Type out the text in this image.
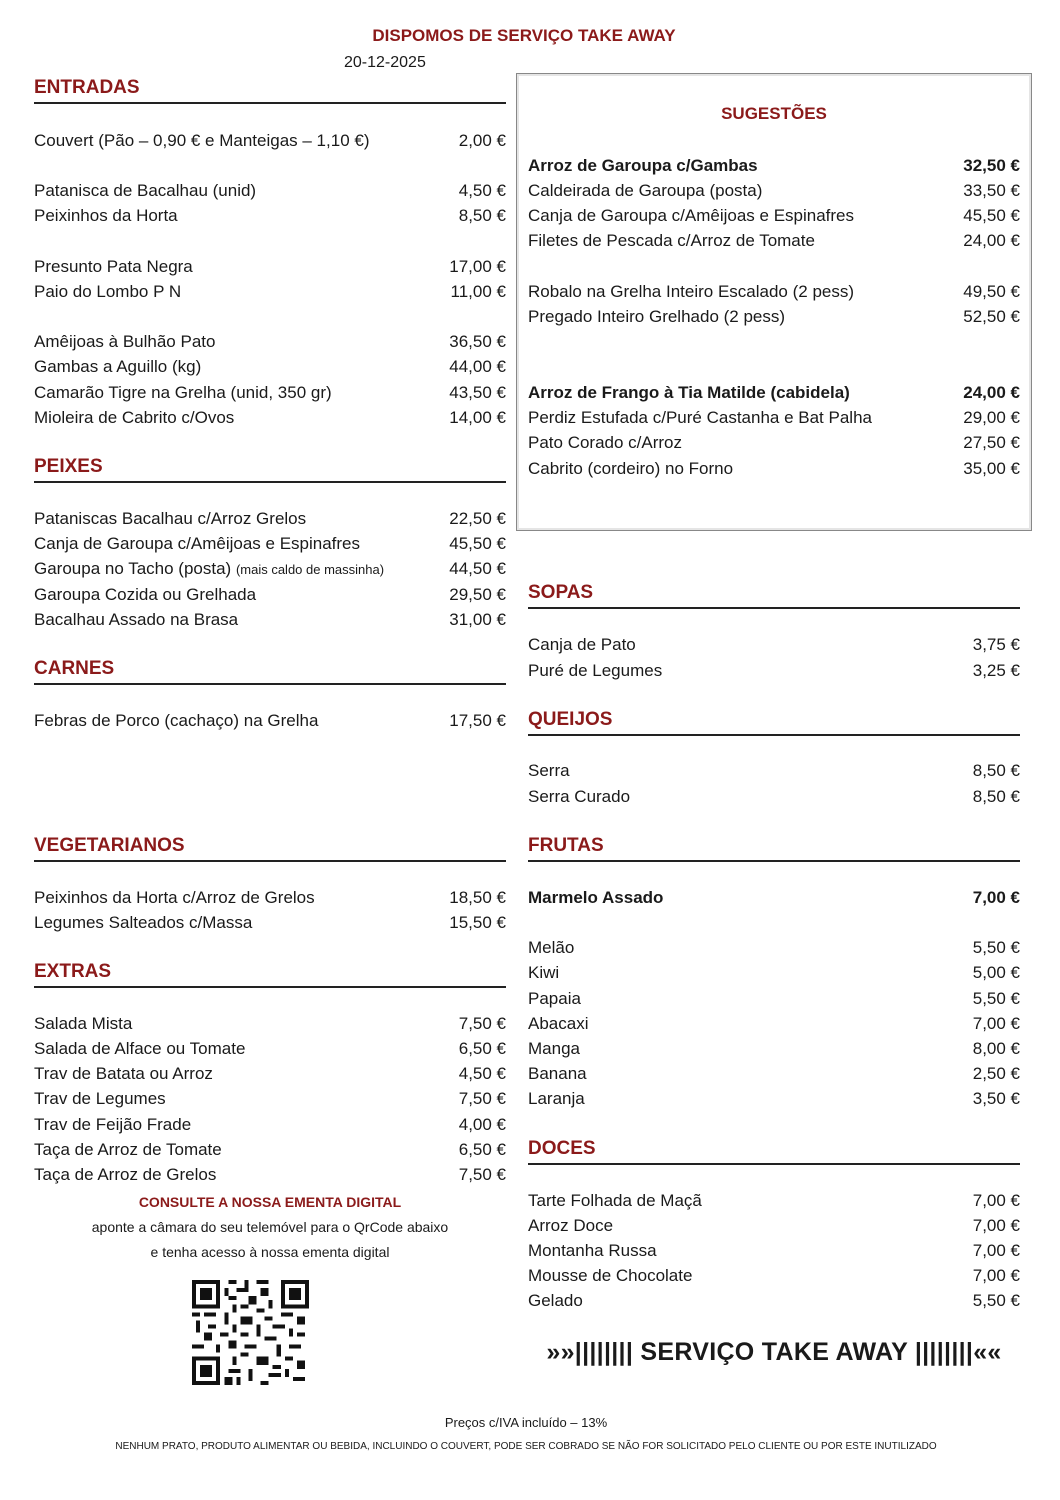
DISPOMOS DE SERVIÇO TAKE AWAY
20-12-2025
ENTRADAS
Couvert (Pão – 0,90 € e Manteigas – 1,10 €)	2,00 €
Patanisca de Bacalhau (unid)	4,50 €
Peixinhos da Horta	8,50 €
Presunto Pata Negra	17,00 €
Paio do Lombo P N	11,00 €
Amêijoas à Bulhão Pato	36,50 €
Gambas a Aguillo (kg)	44,00 €
Camarão Tigre na Grelha (unid, 350 gr)	43,50 €
Mioleira de Cabrito c/Ovos	14,00 €
PEIXES
Pataniscas Bacalhau c/Arroz Grelos	22,50 €
Canja de Garoupa c/Amêijoas e Espinafres	45,50 €
Garoupa no Tacho (posta) (mais caldo de massinha)	44,50 €
Garoupa Cozida ou Grelhada	29,50 €
Bacalhau Assado na Brasa	31,00 €
CARNES
Febras de Porco (cachaço) na Grelha	17,50 €
VEGETARIANOS
Peixinhos da Horta c/Arroz de Grelos	18,50 €
Legumes Salteados c/Massa	15,50 €
EXTRAS
Salada Mista	7,50 €
Salada de Alface ou Tomate	6,50 €
Trav de Batata ou Arroz	4,50 €
Trav de Legumes	7,50 €
Trav de Feijão Frade	4,00 €
Taça de Arroz de Tomate	6,50 €
Taça de Arroz de Grelos	7,50 €
CONSULTE A NOSSA EMENTA DIGITAL
aponte a câmara do seu telemóvel para o QrCode abaixo
e tenha acesso à nossa ementa digital
SUGESTÕES
Arroz de Garoupa c/Gambas	32,50 €
Caldeirada de Garoupa (posta)	33,50 €
Canja de Garoupa c/Amêijoas e Espinafres	45,50 €
Filetes de Pescada c/Arroz de Tomate	24,00 €
Robalo na Grelha Inteiro Escalado (2 pess)	49,50 €
Pregado Inteiro Grelhado (2 pess)	52,50 €
Arroz de Frango à Tia Matilde (cabidela)	24,00 €
Perdiz Estufada c/Puré Castanha e Bat Palha	29,00 €
Pato Corado c/Arroz	27,50 €
Cabrito (cordeiro) no Forno	35,00 €
SOPAS
Canja de Pato	3,75 €
Puré de Legumes	3,25 €
QUEIJOS
Serra	8,50 €
Serra Curado	8,50 €
FRUTAS
Marmelo Assado	7,00 €
Melão	5,50 €
Kiwi	5,00 €
Papaia	5,50 €
Abacaxi	7,00 €
Manga	8,00 €
Banana	2,50 €
Laranja	3,50 €
DOCES
Tarte Folhada de Maçã	7,00 €
Arroz Doce	7,00 €
Montanha Russa	7,00 €
Mousse de Chocolate	7,00 €
Gelado	5,50 €
»»|||||||| SERVIÇO TAKE AWAY ||||||||««
Preços c/IVA incluído – 13%
NENHUM PRATO, PRODUTO ALIMENTAR OU BEBIDA, INCLUINDO O COUVERT, PODE SER COBRADO SE NÃO FOR SOLICITADO PELO CLIENTE OU POR ESTE INUTILIZADO
